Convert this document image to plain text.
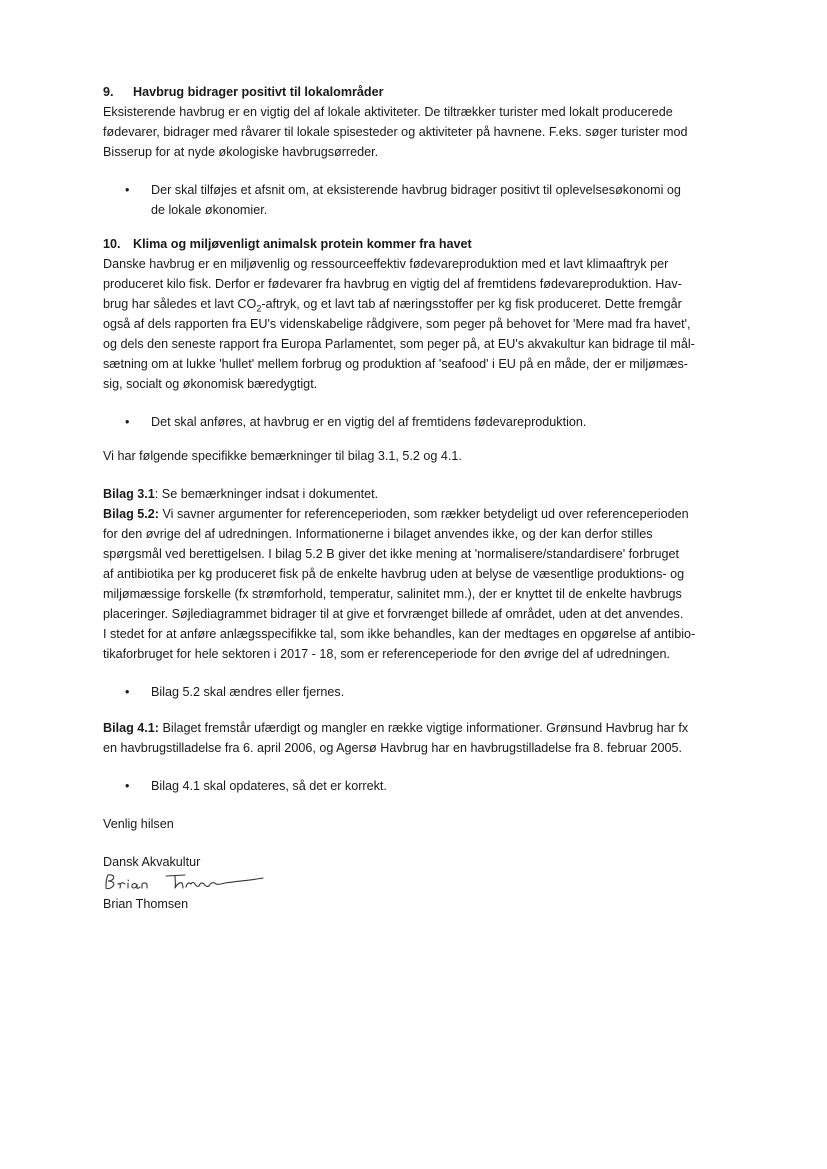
9. Havbrug bidrager positivt til lokalområder

Eksisterende havbrug er en vigtig del af lokale aktiviteter. De tiltrækker turister med lokalt producerede
fødevarer, bidrager med råvarer til lokale spisesteder og aktiviteter på havnene. F.eks. søger turister mod
Bisserup for at nyde økologiske havbrugsørreder.

• Der skal tilføjes et afsnit om, at eksisterende havbrug bidrager positivt til oplevelsesøkonomi og
de lokale økonomier.
10. Klima og miljøvenligt animalsk protein kommer fra havet

Danske havbrug er en miljøvenlig og ressourceeffektiv fødevareproduktion med et lavt klimaaftryk per
produceret kilo fisk. Derfor er fødevarer fra havbrug en vigtig del af fremtidens fødevareproduktion. Hav-
brug har således et lavt $CO_2$-aftryk, og et lavt tab af næringsstoffer per kg fisk produceret. Dette fremgår
også af dels rapporten fra EU's videnskabelige rådgivere, som peger på behovet for 'Mere mad fra havet',
og dels den seneste rapport fra Europa Parlamentet, som peger på, at EU's akvakultur kan bidrage til mål-
sætning om at lukke 'hullet' mellem forbrug og produktion af 'seafood' i EU på en måde, der er miljømæs-
sig, socialt og økonomisk bæredygtigt.

• Det skal anføres, at havbrug er en vigtig del af fremtidens fødevareproduktion.

Vi har følgende specifikke bemærkninger til bilag 3.1, 5.2 og 4.1.

Bilag 3.1: Se bemærkninger indsat i dokumentet.
Bilag 5.2: Vi savner argumenter for referenceperioden, som rækker betydeligt ud over referenceperioden
for den øvrige del af udredningen. Informationerne i bilaget anvendes ikke, og der kan derfor stilles
spørgsmål ved berettigelsen. I bilag 5.2 B giver det ikke mening at 'normalisere/standardisere' forbruget
af antibiotika per kg produceret fisk på de enkelte havbrug uden at belyse de væsentlige produktions- og
miljømæssige forskelle (fx strømforhold, temperatur, salinitet mm.), der er knyttet til de enkelte havbrugs
placeringer. Søjlediagrammet bidrager til at give et forvrænget billede af området, uden at det anvendes.
I stedet for at anføre anlægsspecifikke tal, som ikke behandles, kan der medtages en opgørelse af antibio-
tikaforbruget for hele sektoren i 2017 - 18, som er referenceperiode for den øvrige del af udredningen.

• Bilag 5.2 skal ændres eller fjernes.

Bilag 4.1: Bilaget fremstår ufærdigt og mangler en række vigtige informationer. Grønsund Havbrug har fx
en havbrugstilladelse fra 6. april 2006, og Agersø Havbrug har en havbrugstilladelse fra 8. februar 2005.

• Bilag 4.1 skal opdateres, så det er korrekt.

Venlig hilsen

Dansk Akvakultur

Brian Thomsen
